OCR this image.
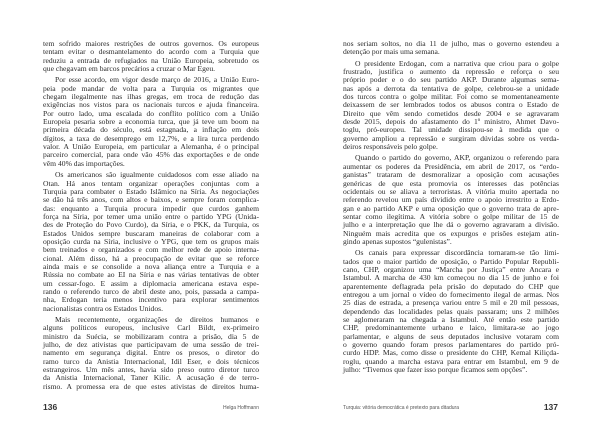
tem sofrido maiores restrições de outros governos. Os europeus
tentam evitar o desmantelamento do acordo com a Turquia que
reduziu a entrada de refugiados na União Europeia, sobretudo os
que chegavam em barcos precários a cruzar o Mar Egeu.
Por esse acordo, em vigor desde março de 2016, a União Euro-
peia pode mandar de volta para a Turquia os migrantes que
chegam ilegalmente nas ilhas gregas, em troca de redução das
exigências nos vistos para os nacionais turcos e ajuda financeira.
Por outro lado, uma escalada do conflito político com a União
Europeia pesaria sobre a economia turca, que já teve um boom na
primeira década do século, está estagnada, a inflação em dois
dígitos, a taxa de desemprego em 12,7%, e a lira turca perdendo
valor. A União Europeia, em particular a Alemanha, é o principal
parceiro comercial, para onde vão 45% das exportações e de onde
vêm 40% das importações.
Os americanos são igualmente cuidadosos com esse aliado na
Otan. Há anos tentam organizar operações conjuntas com a
Turquia para combater o Estado Islâmico na Síria. As negociações
se dão há três anos, com altos e baixos, e sempre foram complica-
das: enquanto a Turquia procura impedir que curdos ganhem
força na Síria, por temer uma união entre o partido YPG (Unida-
des de Proteção do Povo Curdo), da Síria, e o PKK, da Turquia, os
Estados Unidos sempre buscaram maneiras de colaborar com a
oposição curda na Síria, inclusive o YPG, que tem os grupos mais
bem treinados e organizados e com melhor rede de apoio interna-
cional. Além disso, há a preocupação de evitar que se reforce
ainda mais e se consolide a nova aliança entre a Turquia e a
Rússia no combate ao EI na Síria e nas várias tentativas de obter
um cessar-fogo. E assim a diplomacia americana estava espe-
rando o referendo turco de abril deste ano, pois, passada a campa-
nha, Erdogan teria menos incentivo para explorar sentimentos
nacionalistas contra os Estados Unidos.
Mais recentemente, organizações de direitos humanos e
alguns políticos europeus, inclusive Carl Bildt, ex-primeiro
ministro da Suécia, se mobilizaram contra a prisão, dia 5 de
julho, de dez ativistas que participavam de uma sessão de trei-
namento em segurança digital. Entre os presos, o diretor do
ramo turco da Anistia Internacional, Idil Eser, e dois técnicos
estrangeiros. Um mês antes, havia sido preso outro diretor turco
da Anistia Internacional, Taner Kilic. A acusação é de terro-
rismo. A promessa era de que estes ativistas de direitos huma-
136	Helga Hoffmann
nos seriam soltos, no dia 11 de julho, mas o governo estendeu a
detenção por mais uma semana.
O presidente Erdogan, com a narrativa que criou para o golpe
frustrado, justifica o aumento da repressão e reforça o seu
próprio poder e o do seu partido AKP. Durante algumas sema-
nas após a derrota da tentativa de golpe, celebrou-se a unidade
dos turcos contra o golpe militar. Foi como se momentaneamente
deixassem de ser lembrados todos os abusos contra o Estado de
Direito que vêm sendo cometidos desde 2004 e se agravaram
desde 2015, depois do afastamento do 1º ministro, Ahmet Davo-
toglu, pró-europeu. Tal unidade dissipou-se à medida que o
governo ampliou a repressão e surgiram dúvidas sobre os verda-
deiros responsáveis pelo golpe.
Quando o partido do governo, AKP, organizou o referendo para
aumentar os poderes da Presidência, em abril de 2017, os “erdo-
ganistas” trataram de desmoralizar a oposição com acusações
genéricas de que esta promovia os interesses das potências
ocidentais ou se aliava a terroristas. A vitória muito apertada no
referendo revelou um país dividido entre o apoio irrestrito a Erdo-
gan e ao partido AKP e uma oposição que o governo trata de apre-
sentar como ilegítima. A vitória sobre o golpe militar de 15 de
julho e a interpretação que lhe dá o governo agravaram a divisão.
Ninguém mais acredita que os expurgos e prisões estejam atin-
gindo apenas supostos “gulenistas”.
Os canais para expressar discordância tornaram-se tão limi-
tados que o maior partido de oposição, o Partido Popular Republi-
cano, CHP, organizou uma “Marcha por Justiça” entre Ancara e
Istambul. A marcha de 430 km começou no dia 15 de junho e foi
aparentemente deflagrada pela prisão do deputado do CHP que
entregou a um jornal o vídeo do fornecimento ilegal de armas. Nos
25 dias de estrada, a presença variou entre 5 mil e 20 mil pessoas,
dependendo das localidades pelas quais passaram; uns 2 milhões
se aglomeraram na chegada a Istambul. Até então este partido
CHP, predominantemente urbano e laico, limitara-se ao jogo
parlamentar, e alguns de seus deputados inclusive votaram com
o governo quando foram presos parlamentares do partido pró-
curdo HDP. Mas, como disse o presidente do CHP, Kemal Kiliçda-
roglu, quando a marcha estava para entrar em Istambul, em 9 de
julho: “Tivemos que fazer isso porque ficamos sem opções”.
Turquia: vitória democrática é pretexto para ditadura	137
